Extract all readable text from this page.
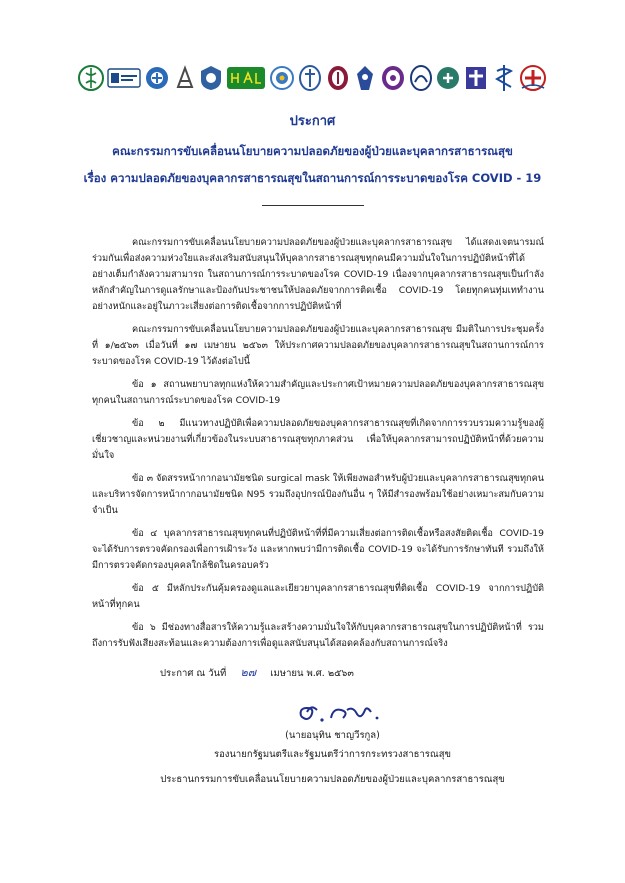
ประกาศ
คณะกรรมการขับเคลื่อนนโยบายความปลอดภัยของผู้ป่วยและบุคลากรสาธารณสุข
เรื่อง ความปลอดภัยของบุคลากรสาธารณสุขในสถานการณ์การระบาดของโรค COVID - 19

คณะกรรมการขับเคลื่อนนโยบายความปลอดภัยของผู้ป่วยและบุคลากรสาธารณสุข ได้แสดงเจตนารมณ์ร่วมกันเพื่อส่งความห่วงใยและส่งเสริมสนับสนุนให้บุคลากรสาธารณสุขทุกคนมีความมั่นใจในการปฏิบัติหน้าที่ได้อย่างเต็มกำลังความสามารถ ในสถานการณ์การระบาดของโรค COVID-19 เนื่องจากบุคลากรสาธารณสุขเป็นกำลังหลักสำคัญในการดูแลรักษาและป้องกันประชาชนให้ปลอดภัยจากการติดเชื้อ COVID-19 โดยทุกคนทุ่มเททำงานอย่างหนักและอยู่ในภาวะเสี่ยงต่อการติดเชื้อจากการปฏิบัติหน้าที่

คณะกรรมการขับเคลื่อนนโยบายความปลอดภัยของผู้ป่วยและบุคลากรสาธารณสุข มีมติในการประชุมครั้งที่ ๑/๒๕๖๓ เมื่อวันที่ ๑๗ เมษายน ๒๕๖๓ ให้ประกาศความปลอดภัยของบุคลากรสาธารณสุขในสถานการณ์การระบาดของโรค COVID-19 ไว้ดังต่อไปนี้

ข้อ ๑ สถานพยาบาลทุกแห่งให้ความสำคัญและประกาศเป้าหมายความปลอดภัยของบุคลากรสาธารณสุขทุกคนในสถานการณ์ระบาดของโรค COVID-19

ข้อ ๒ มีแนวทางปฏิบัติเพื่อความปลอดภัยของบุคลากรสาธารณสุขที่เกิดจากการรวบรวมความรู้ของผู้เชี่ยวชาญและหน่วยงานที่เกี่ยวข้องในระบบสาธารณสุขทุกภาคส่วน เพื่อให้บุคลากรสามารถปฏิบัติหน้าที่ด้วยความมั่นใจ

ข้อ ๓ จัดสรรหน้ากากอนามัยชนิด surgical mask ให้เพียงพอสำหรับผู้ป่วยและบุคลากรสาธารณสุขทุกคนและบริหารจัดการหน้ากากอนามัยชนิด N95 รวมถึงอุปกรณ์ป้องกันอื่น ๆ ให้มีสำรองพร้อมใช้อย่างเหมาะสมกับความจำเป็น

ข้อ ๔ บุคลากรสาธารณสุขทุกคนที่ปฏิบัติหน้าที่ที่มีความเสี่ยงต่อการติดเชื้อหรือสงสัยติดเชื้อ COVID-19 จะได้รับการตรวจคัดกรองเพื่อการเฝ้าระวัง และหากพบว่ามีการติดเชื้อ COVID-19 จะได้รับการรักษาทันที รวมถึงให้มีการตรวจคัดกรองบุคคลใกล้ชิดในครอบครัว

ข้อ ๕ มีหลักประกันคุ้มครองดูแลและเยียวยาบุคลากรสาธารณสุขที่ติดเชื้อ COVID-19 จากการปฏิบัติหน้าที่ทุกคน

ข้อ ๖ มีช่องทางสื่อสารให้ความรู้และสร้างความมั่นใจให้กับบุคลากรสาธารณสุขในการปฏิบัติหน้าที่ รวมถึงการรับฟังเสียงสะท้อนและความต้องการเพื่อดูแลสนับสนุนได้สอดคล้องกับสถานการณ์จริง

ประกาศ ณ วันที่ ๒๗ เมษายน พ.ศ. ๒๕๖๓
(นายอนุทิน ชาญวีรกูล)
รองนายกรัฐมนตรีและรัฐมนตรีว่าการกระทรวงสาธารณสุข
ประธานกรรมการขับเคลื่อนนโยบายความปลอดภัยของผู้ป่วยและบุคลากรสาธารณสุข
